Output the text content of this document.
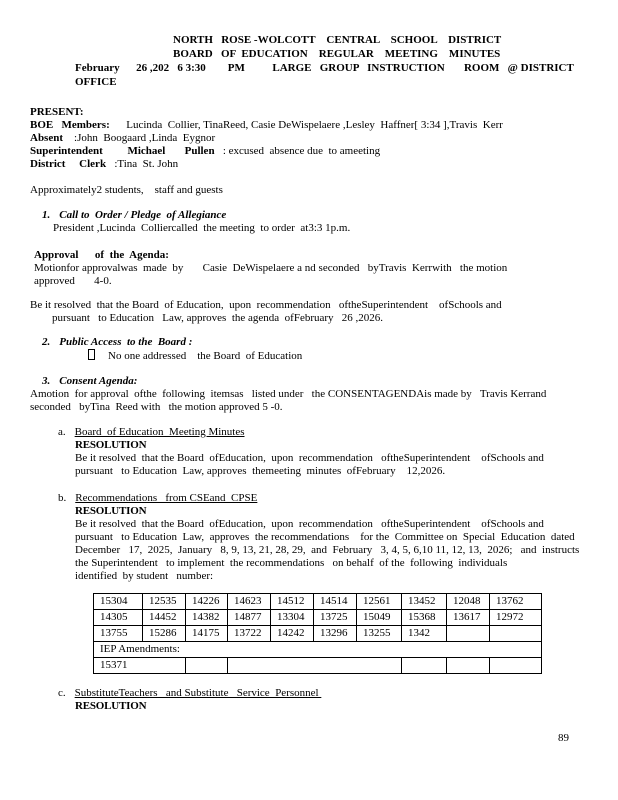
NORTH   ROSE -WOLCOTT    CENTRAL    SCHOOL    DISTRICT
BOARD   OF  EDUCATION    REGULAR    MEETING    MINUTES
February      26 ,202   6 3:30        PM          LARGE   GROUP   INSTRUCTION       ROOM   @ DISTRICT     OFFICE
PRESENT:
BOE   Members:      Lucinda  Collier, TinaReed, Casie DeWispelaere ,Lesley  Haffner[ 3:34 ],Travis  Kerr
Absent    :John  Boogaard ,Linda  Eygnor
Superintendent         Michael       Pullen   : excused  absence due  to ameeting
District     Clerk   :Tina  St. John
Approximately2 students,    staff and guests
1. Call to  Order / Pledge  of Allegiance
President ,Lucinda  Colliercalled  the meeting  to order  at3:3 1p.m.
Approval      of  the  Agenda:
Motionfor approvalwas  made  by       Casie  DeWispelaere a nd seconded   byTravis  Kerrwith   the motion
approved       4-0.
Be it resolved  that the Board  of Education,  upon  recommendation   oftheSuperintendent    ofSchools and
pursuant   to Education   Law, approves  the agenda  ofFebruary   26 ,2026.
2. Public Access  to the  Board :
No one addressed    the Board  of Education
3. Consent Agenda:
Amotion  for approval  ofthe  following  itemsas   listed under   the CONSENTAGENDAis made by   Travis Kerrand
seconded   byTina  Reed with   the motion approved 5 -0.
a. Board  of Education  Meeting Minutes
RESOLUTION
Be it resolved  that the Board  ofEducation,  upon  recommendation   oftheSuperintendent    ofSchools and
pursuant   to Education  Law, approves  themeeting  minutes  ofFebruary    12,2026.
b. Recommendations   from CSEand  CPSE
RESOLUTION
Be it resolved  that the Board  ofEducation,  upon  recommendation   oftheSuperintendent    ofSchools and
pursuant   to Education  Law,  approves  the recommendations    for the  Committee on  Special  Education  dated
December   17,  2025,  January   8, 9, 13, 21, 28, 29,  and  February   3, 4, 5, 6,10 11, 12, 13,  2026;   and  instructs
the Superintendent   to implement  the recommendations   on behalf  of the  following  individuals
identified  by student   number:
15304	12535	14226	14623	14512	14514	12561	13452	12048	13762
14305	14452	14382	14877	13304	13725	15049	15368	13617	12972
13755	15286	14175	13722	14242	13296	13255	1342		
IEP Amendments:									
15371									
c. SubstituteTeachers   and Substitute   Service  Personnel
RESOLUTION
89
